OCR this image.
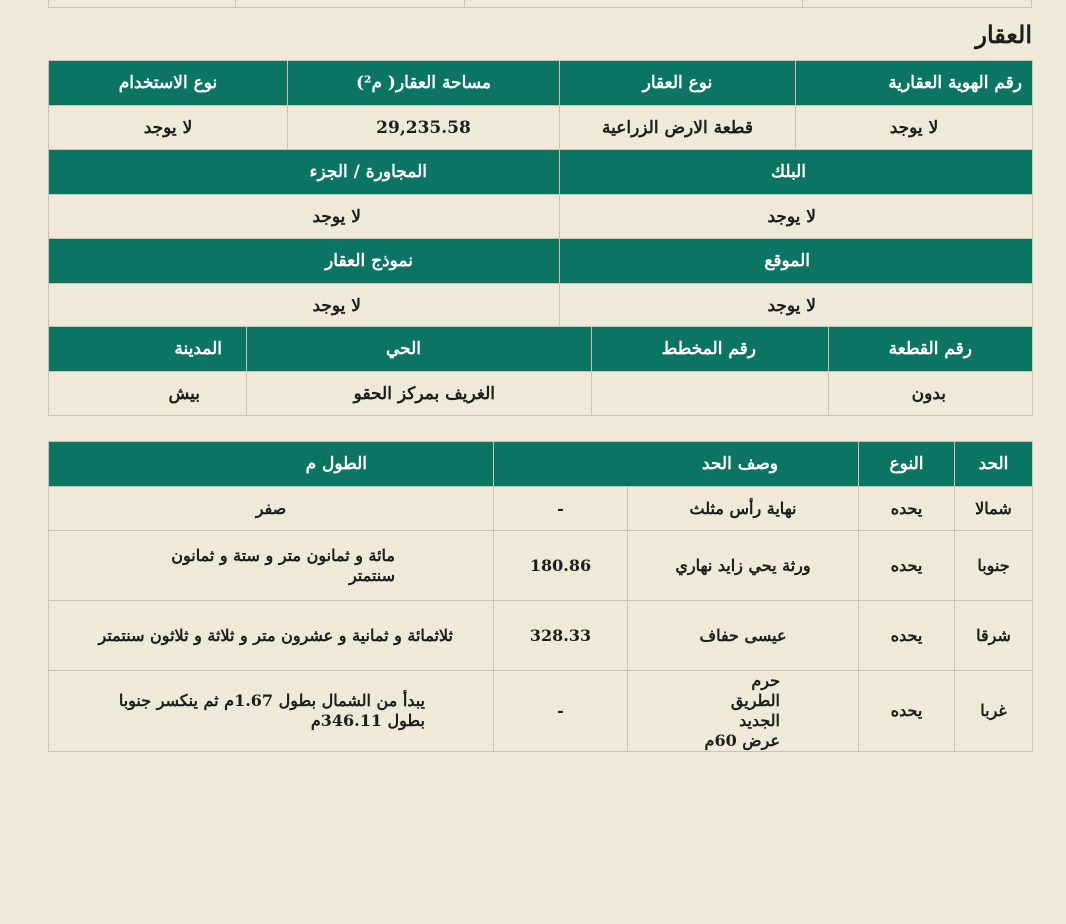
العقار
رقم الهوية العقارية	نوع العقار	مساحة العقار( م²)	نوع الاستخدام
لا يوجد	قطعة الارض الزراعية	29,235.58	لا يوجد
البلك		المجاورة / الجزء	
لا يوجد		لا يوجد	
الموقع		نموذج العقار	
لا يوجد		لا يوجد	
رقم القطعة	رقم المخطط	الحي	المدينة
بدون		الغريف بمركز الحقو	بيش
الحد	النوع	وصف الحد		الطول م
شمالا	يحده	نهاية رأس مثلث	-	صفر
جنوبا	يحده	ورثة يحي زايد نهاري	180.86	مائة و ثمانون متر و ستة و ثمانون سنتمتر
شرقا	يحده	عيسى حفاف	328.33	ثلاثمائة و ثمانية و عشرون متر و ثلاثة و ثلاثون سنتمتر
غربا	يحده	حرم الطريق الجديد عرض 60م	-	يبدأ من الشمال بطول 1.67م ثم ينكسر جنوبا بطول 346.11م
